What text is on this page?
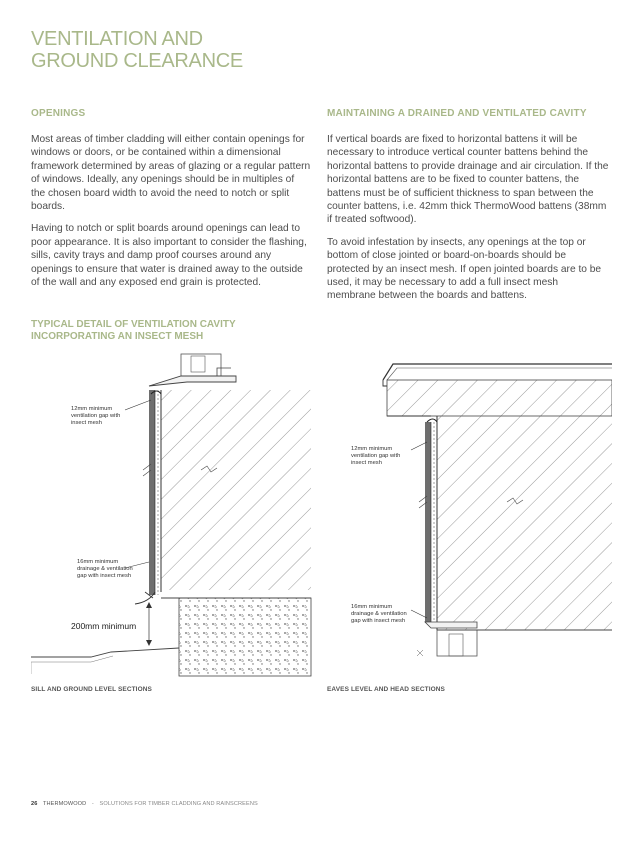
VENTILATION AND
GROUND CLEARANCE
OPENINGS

Most areas of timber cladding will either contain openings for windows or doors, or be contained within a dimensional framework determined by areas of glazing or a regular pattern of windows. Ideally, any openings should be in multiples of the chosen board width to avoid the need to notch or split boards.

Having to notch or split boards around openings can lead to poor appearance. It is also important to consider the flashing, sills, cavity trays and damp proof courses around any openings to ensure that water is drained away to the outside of the wall and any exposed end grain is protected.

MAINTAINING A DRAINED AND VENTILATED CAVITY

If vertical boards are fixed to horizontal battens it will be necessary to introduce vertical counter battens behind the horizontal battens to provide drainage and air circulation. If the horizontal battens are to be fixed to counter battens, the battens must be of sufficient thickness to span between the counter battens, i.e. 42mm thick ThermoWood battens (38mm if treated softwood).

To avoid infestation by insects, any openings at the top or bottom of close jointed or board-on-boards should be protected by an insect mesh. If open jointed boards are to be used, it may be necessary to add a full insect mesh membrane between the boards and battens.

TYPICAL DETAIL OF VENTILATION CAVITY
INCORPORATING AN INSECT MESH
12mm minimum
ventilation gap with
insect mesh
16mm minimum
drainage & ventilation
gap with insect mesh
200mm minimum
12mm minimum
ventilation gap with
insect mesh
16mm minimum
drainage & ventilation
gap with insect mesh
SILL AND GROUND LEVEL SECTIONS	EAVES LEVEL AND HEAD SECTIONS
26 THERMOWOOD - SOLUTIONS FOR TIMBER CLADDING AND RAINSCREENS
